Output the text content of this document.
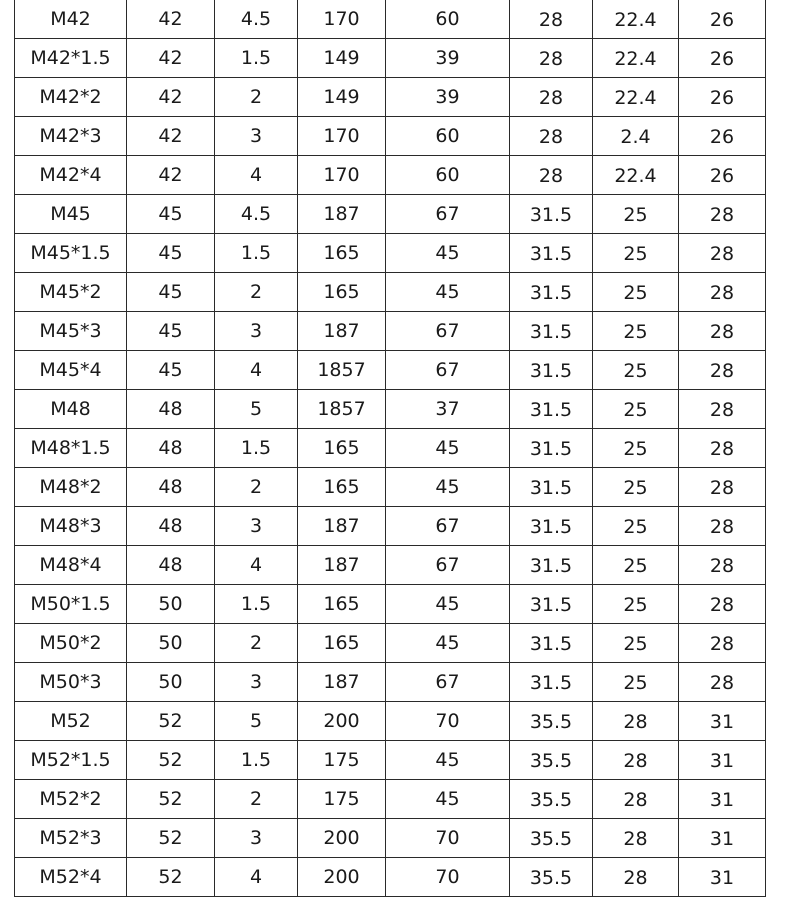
M42	42	4.5	170	60	28	22.4	26
M42*1.5	42	1.5	149	39	28	22.4	26
M42*2	42	2	149	39	28	22.4	26
M42*3	42	3	170	60	28	2.4	26
M42*4	42	4	170	60	28	22.4	26
M45	45	4.5	187	67	31.5	25	28
M45*1.5	45	1.5	165	45	31.5	25	28
M45*2	45	2	165	45	31.5	25	28
M45*3	45	3	187	67	31.5	25	28
M45*4	45	4	1857	67	31.5	25	28
M48	48	5	1857	37	31.5	25	28
M48*1.5	48	1.5	165	45	31.5	25	28
M48*2	48	2	165	45	31.5	25	28
M48*3	48	3	187	67	31.5	25	28
M48*4	48	4	187	67	31.5	25	28
M50*1.5	50	1.5	165	45	31.5	25	28
M50*2	50	2	165	45	31.5	25	28
M50*3	50	3	187	67	31.5	25	28
M52	52	5	200	70	35.5	28	31
M52*1.5	52	1.5	175	45	35.5	28	31
M52*2	52	2	175	45	35.5	28	31
M52*3	52	3	200	70	35.5	28	31
M52*4	52	4	200	70	35.5	28	31
